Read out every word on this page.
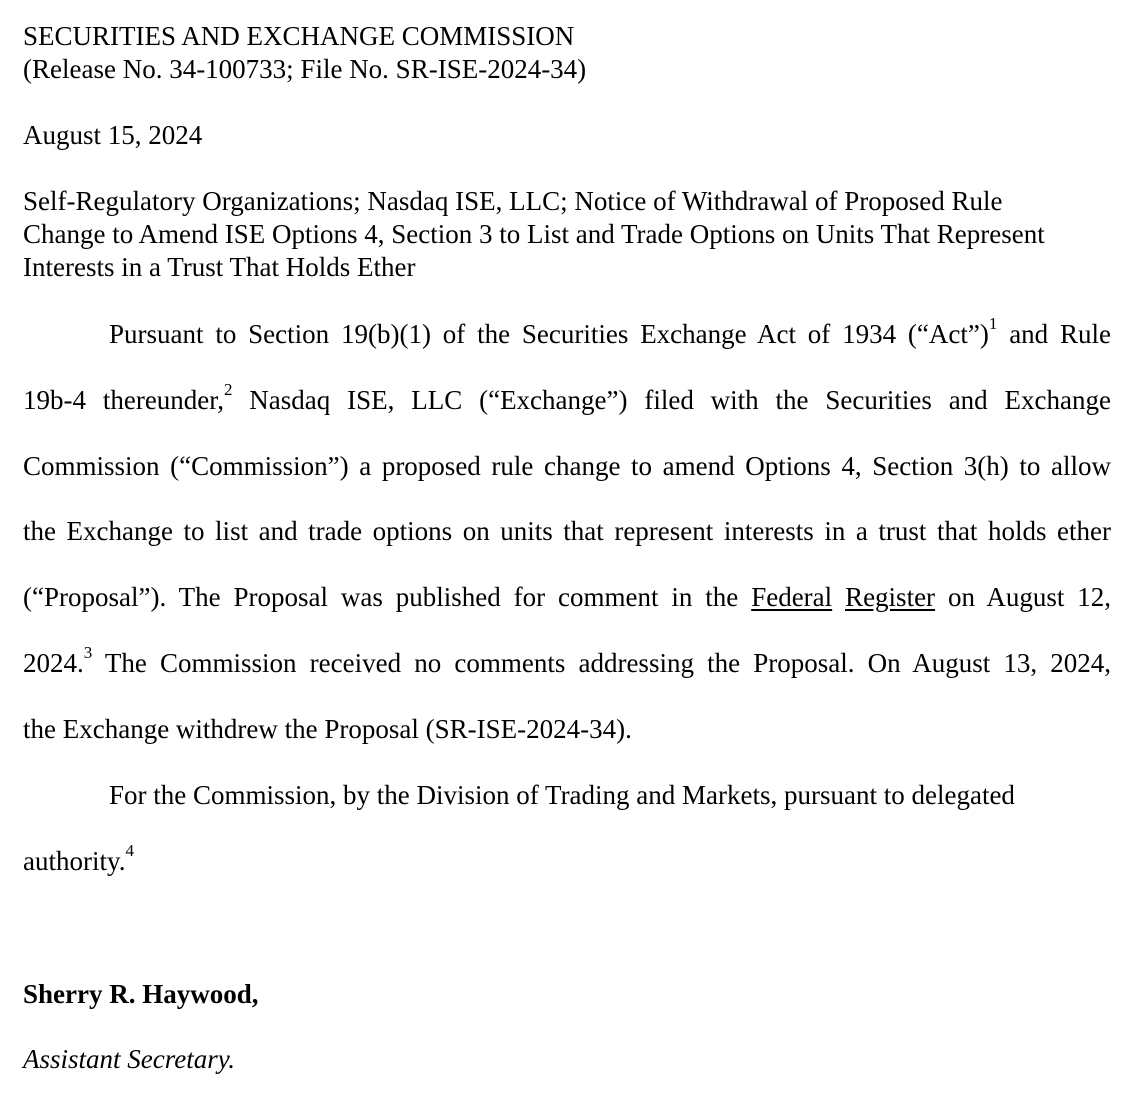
SECURITIES AND EXCHANGE COMMISSION
(Release No. 34-100733; File No. SR-ISE-2024-34)
August 15, 2024
Self-Regulatory Organizations; Nasdaq ISE, LLC; Notice of Withdrawal of Proposed Rule
Change to Amend ISE Options 4, Section 3 to List and Trade Options on Units That Represent
Interests in a Trust That Holds Ether
Pursuant to Section 19(b)(1) of the Securities Exchange Act of 1934 (“Act”)$^1$ and Rule
19b-4 thereunder,$^2$ Nasdaq ISE, LLC (“Exchange”) filed with the Securities and Exchange
Commission (“Commission”) a proposed rule change to amend Options 4, Section 3(h) to allow
the Exchange to list and trade options on units that represent interests in a trust that holds ether
(“Proposal”). The Proposal was published for comment in the Federal Register on August 12,
2024.$^3$ The Commission received no comments addressing the Proposal. On August 13, 2024,
the Exchange withdrew the Proposal (SR-ISE-2024-34).
For the Commission, by the Division of Trading and Markets, pursuant to delegated
authority.$^4$
Sherry R. Haywood,
Assistant Secretary.
